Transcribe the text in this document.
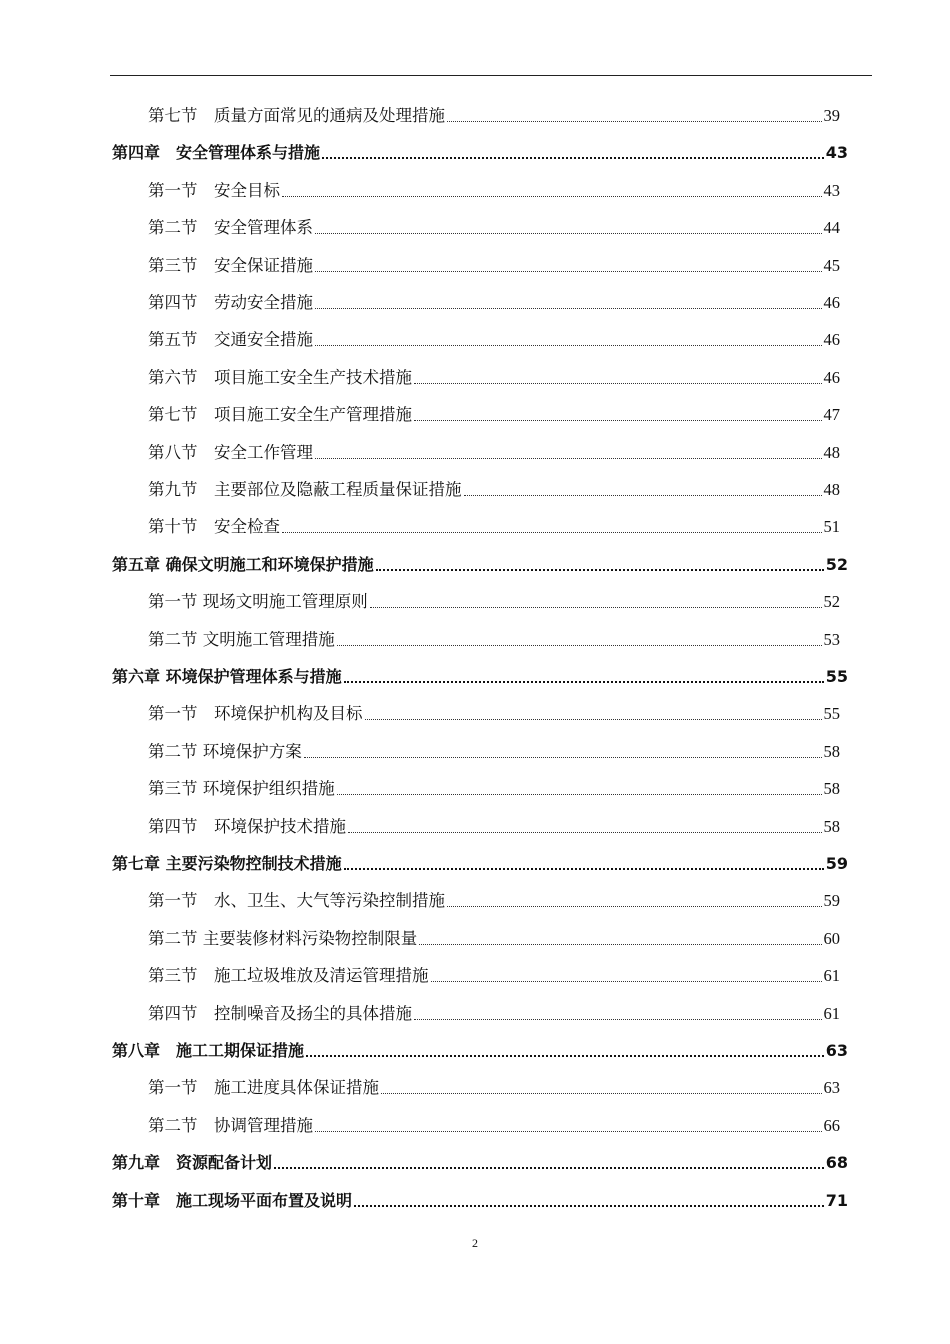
第七节　质量方面常见的通病及处理措施	39
第四章　安全管理体系与措施	43
第一节　安全目标	43
第二节　安全管理体系	44
第三节　安全保证措施	45
第四节　劳动安全措施	46
第五节　交通安全措施	46
第六节　项目施工安全生产技术措施	46
第七节　项目施工安全生产管理措施	47
第八节　安全工作管理	48
第九节　主要部位及隐蔽工程质量保证措施	48
第十节　安全检查	51
第五章 确保文明施工和环境保护措施	52
第一节 现场文明施工管理原则	52
第二节 文明施工管理措施	53
第六章 环境保护管理体系与措施	55
第一节　环境保护机构及目标	55
第二节 环境保护方案	58
第三节 环境保护组织措施	58
第四节　环境保护技术措施	58
第七章 主要污染物控制技术措施	59
第一节　水、卫生、大气等污染控制措施	59
第二节 主要装修材料污染物控制限量	60
第三节　施工垃圾堆放及清运管理措施	61
第四节　控制噪音及扬尘的具体措施	61
第八章　施工工期保证措施	63
第一节　施工进度具体保证措施	63
第二节　协调管理措施	66
第九章　资源配备计划	68
第十章　施工现场平面布置及说明	71
2
